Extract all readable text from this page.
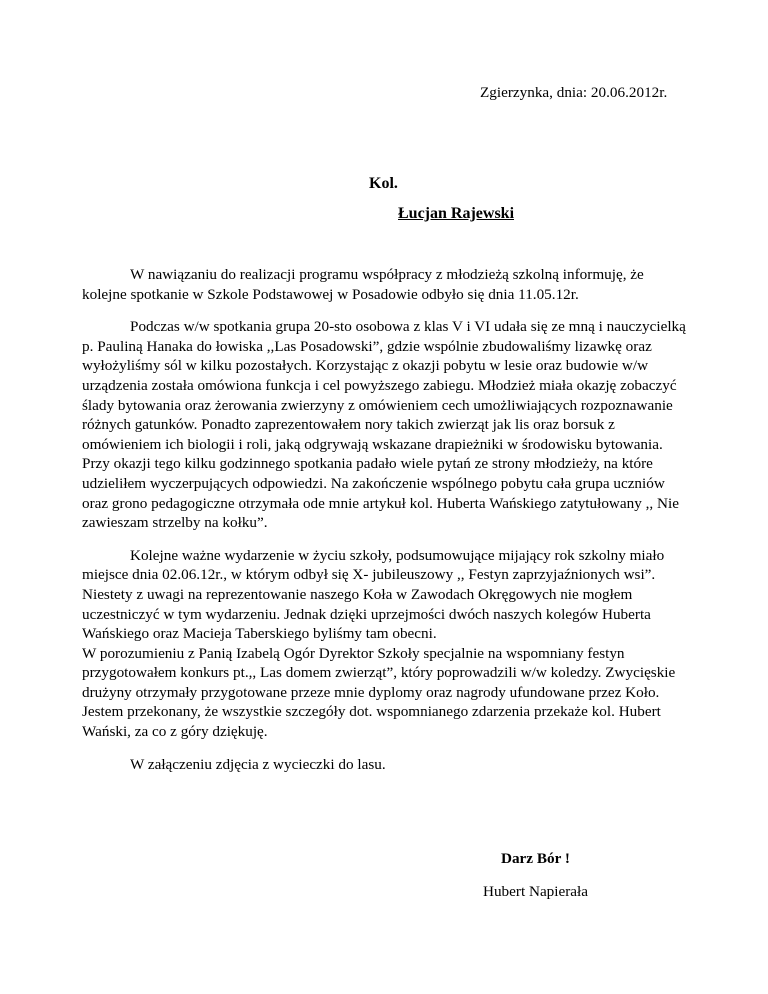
Zgierzynka, dnia: 20.06.2012r.
Kol.
Łucjan Rajewski

W nawiązaniu do realizacji programu współpracy z młodzieżą szkolną informuję, że kolejne spotkanie w Szkole Podstawowej w Posadowie odbyło się dnia 11.05.12r.

Podczas w/w spotkania grupa 20-sto osobowa z klas V i VI udała się ze mną i nauczycielką p. Pauliną Hanaka do łowiska ,,Las Posadowski”, gdzie wspólnie zbudowaliśmy lizawkę oraz wyłożyliśmy sól w kilku pozostałych. Korzystając z okazji pobytu w lesie oraz budowie w/w urządzenia została omówiona funkcja i cel powyższego zabiegu. Młodzież miała okazję zobaczyć ślady bytowania oraz żerowania zwierzyny z omówieniem cech umożliwiających rozpoznawanie różnych gatunków. Ponadto zaprezentowałem nory takich zwierząt jak lis oraz borsuk z omówieniem ich biologii i roli, jaką odgrywają wskazane drapieżniki w środowisku bytowania. Przy okazji tego kilku godzinnego spotkania padało wiele pytań ze strony młodzieży, na które udzieliłem wyczerpujących odpowiedzi. Na zakończenie wspólnego pobytu cała grupa uczniów oraz grono pedagogiczne otrzymała ode mnie artykuł kol. Huberta Wańskiego zatytułowany ,, Nie zawieszam strzelby na kołku”.

Kolejne ważne wydarzenie w życiu szkoły, podsumowujące mijający rok szkolny miało miejsce dnia 02.06.12r., w którym odbył się X- jubileuszowy ,, Festyn zaprzyjaźnionych wsi”. Niestety z uwagi na reprezentowanie naszego Koła w Zawodach Okręgowych nie mogłem uczestniczyć w tym wydarzeniu. Jednak dzięki uprzejmości dwóch naszych kolegów Huberta Wańskiego oraz Macieja Taberskiego byliśmy tam obecni.

W porozumieniu z Panią Izabelą Ogór Dyrektor Szkoły specjalnie na wspomniany festyn przygotowałem konkurs pt.,, Las domem zwierząt”, który poprowadzili w/w koledzy. Zwycięskie drużyny otrzymały przygotowane przeze mnie dyplomy oraz nagrody ufundowane przez Koło. Jestem przekonany, że wszystkie szczegóły dot. wspomnianego zdarzenia przekaże kol. Hubert Wański, za co z góry dziękuję.

W załączeniu zdjęcia z wycieczki do lasu.

Darz Bór !
Hubert Napierała
